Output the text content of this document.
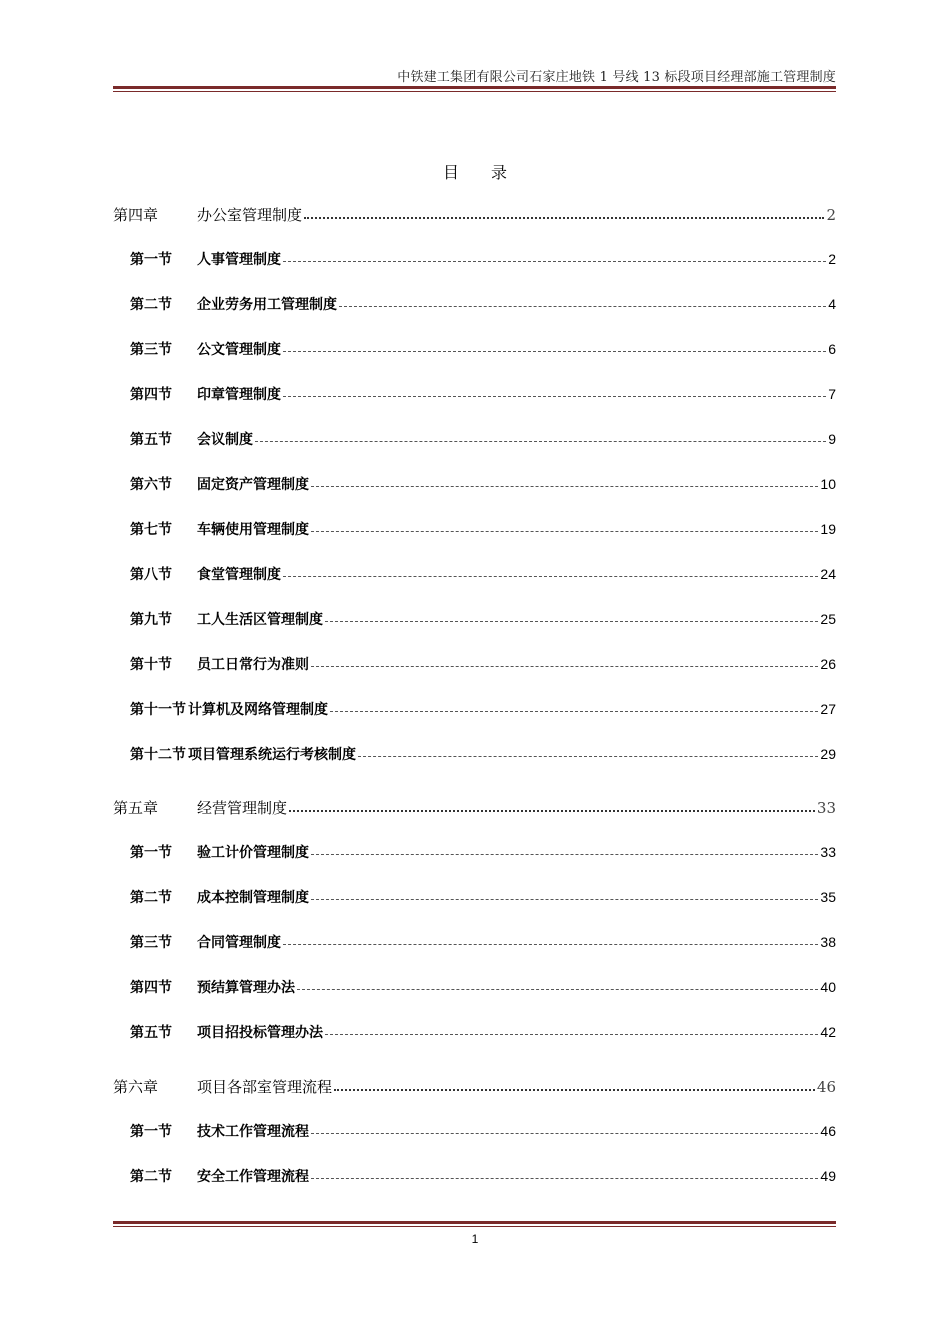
中铁建工集团有限公司石家庄地铁 1 号线 13 标段项目经理部施工管理制度
目　　录
第四章	办公室管理制度	2
第一节	人事管理制度	2
第二节	企业劳务用工管理制度	4
第三节	公文管理制度	6
第四节	印章管理制度	7
第五节	会议制度	9
第六节	固定资产管理制度	10
第七节	车辆使用管理制度	19
第八节	食堂管理制度	24
第九节	工人生活区管理制度	25
第十节	员工日常行为准则	26
第十一节 计算机及网络管理制度	27
第十二节 项目管理系统运行考核制度	29
第五章	经营管理制度	33
第一节	验工计价管理制度	33
第二节	成本控制管理制度	35
第三节	合同管理制度	38
第四节	预结算管理办法	40
第五节	项目招投标管理办法	42
第六章	项目各部室管理流程	46
第一节	技术工作管理流程	46
第二节	安全工作管理流程	49
1
